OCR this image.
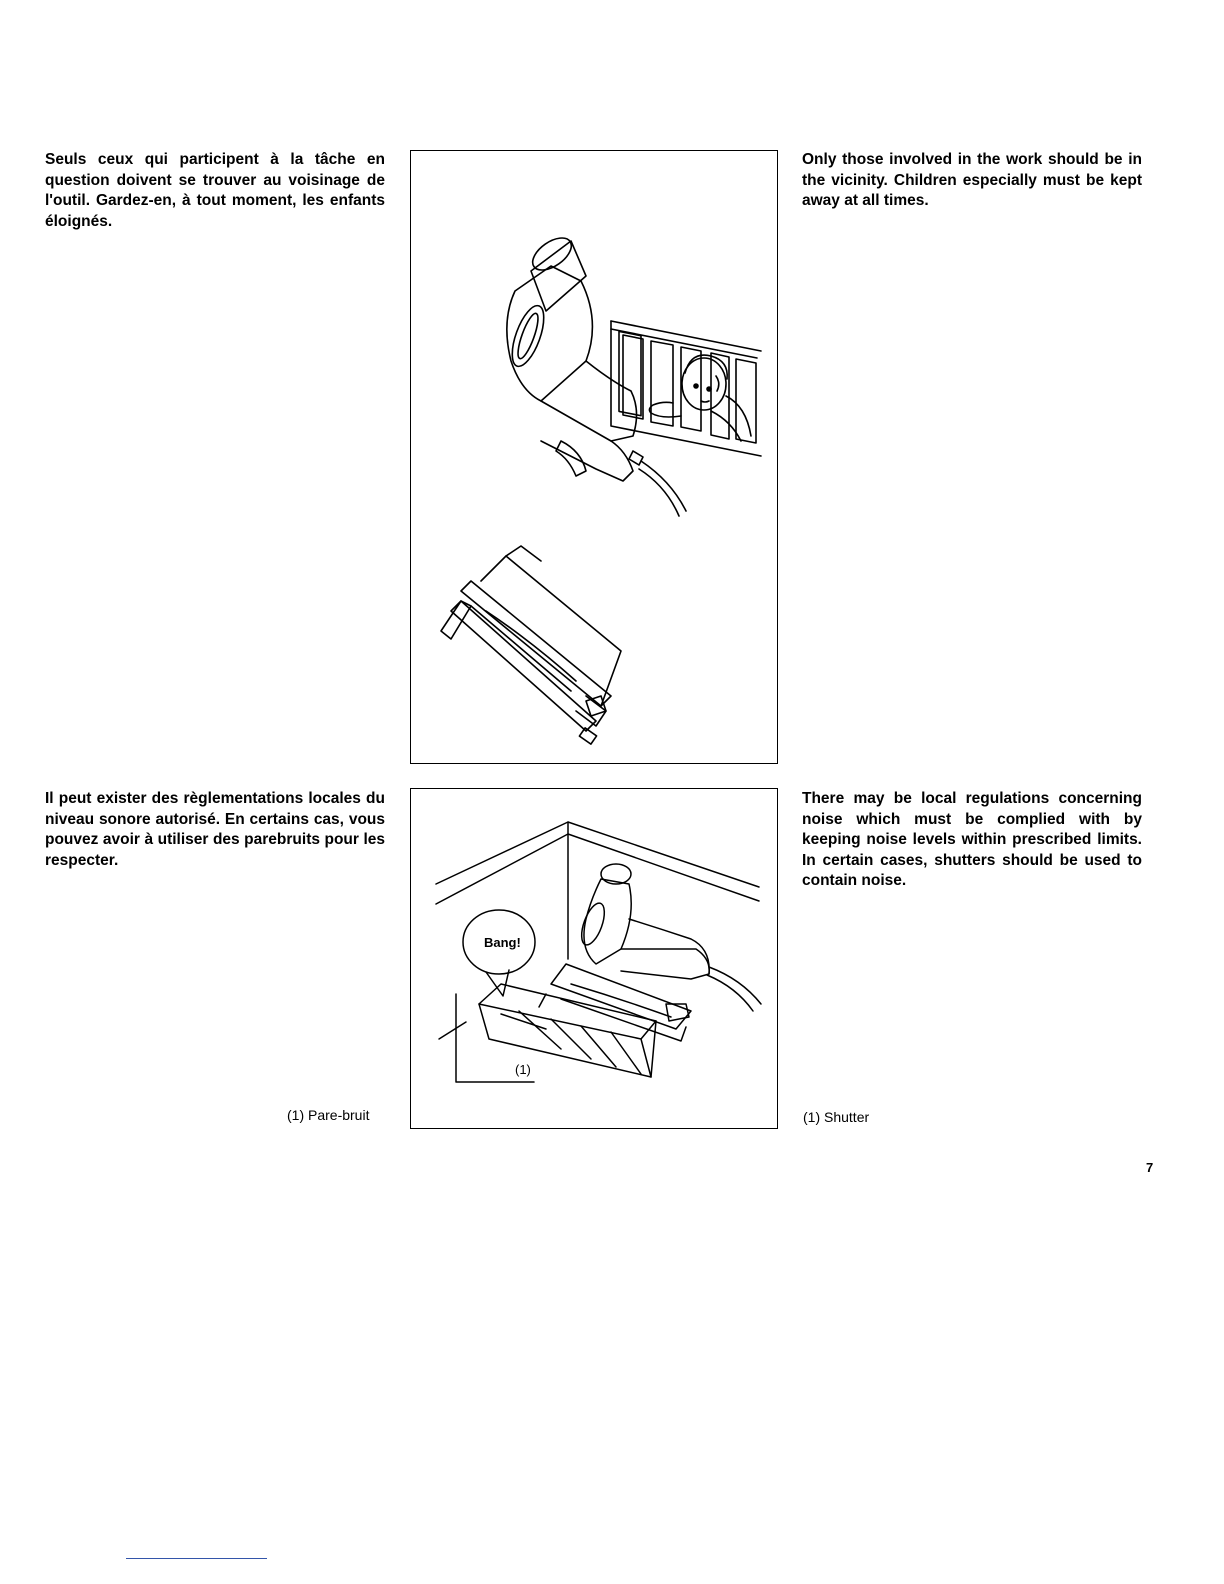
Seuls ceux qui participent à la tâche en question doivent se trouver au voisinage de l'outil. Gardez-en, à tout moment, les enfants éloignés.

Only those involved in the work should be in the vicinity. Children especially must be kept away at all times.

Il peut exister des règlementations locales du niveau sonore autorisé. En certains cas, vous pouvez avoir à utiliser des parebruits pour les respecter.

Bang!
(1)

There may be local regulations concerning noise which must be complied with by keeping noise levels within prescribed limits. In certain cases, shutters should be used to contain noise.

(1) Pare-bruit	(1) Shutter
7
